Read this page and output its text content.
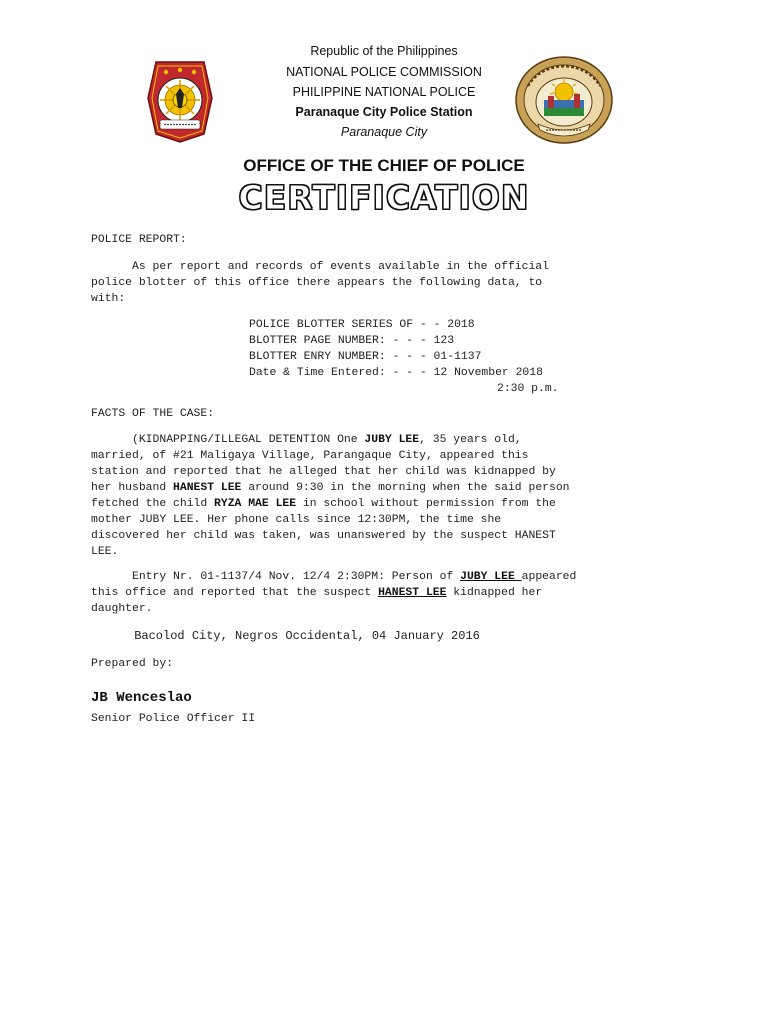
Republic of the Philippines
NATIONAL POLICE COMMISSION
PHILIPPINE NATIONAL POLICE
Paranaque City Police Station
Paranaque City
OFFICE OF THE CHIEF OF POLICE
CERTIFICATION
POLICE REPORT:
As per report and records of events available in the official
police blotter of this office there appears the following data, to
with:
POLICE BLOTTER SERIES OF - - 2018
BLOTTER PAGE NUMBER: - - - 123
BLOTTER ENRY NUMBER: - - - 01-1137
Date & Time Entered: - - - 12 November 2018
2:30 p.m.
FACTS OF THE CASE:
(KIDNAPPING/ILLEGAL DETENTION One JUBY LEE, 35 years old,
married, of #21 Maligaya Village, Parangaque City, appeared this
station and reported that he alleged that her child was kidnapped by
her husband HANEST LEE around 9:30 in the morning when the said person
fetched the child RYZA MAE LEE in school without permission from the
mother JUBY LEE. Her phone calls since 12:30PM, the time she
discovered her child was taken, was unanswered by the suspect HANEST
LEE.
Entry Nr. 01-1137/4 Nov. 12/4 2:30PM: Person of JUBY LEE appeared
this office and reported that the suspect HANEST LEE kidnapped her
daughter.
Bacolod City, Negros Occidental, 04 January 2016
Prepared by:
JB Wenceslao
Senior Police Officer II
